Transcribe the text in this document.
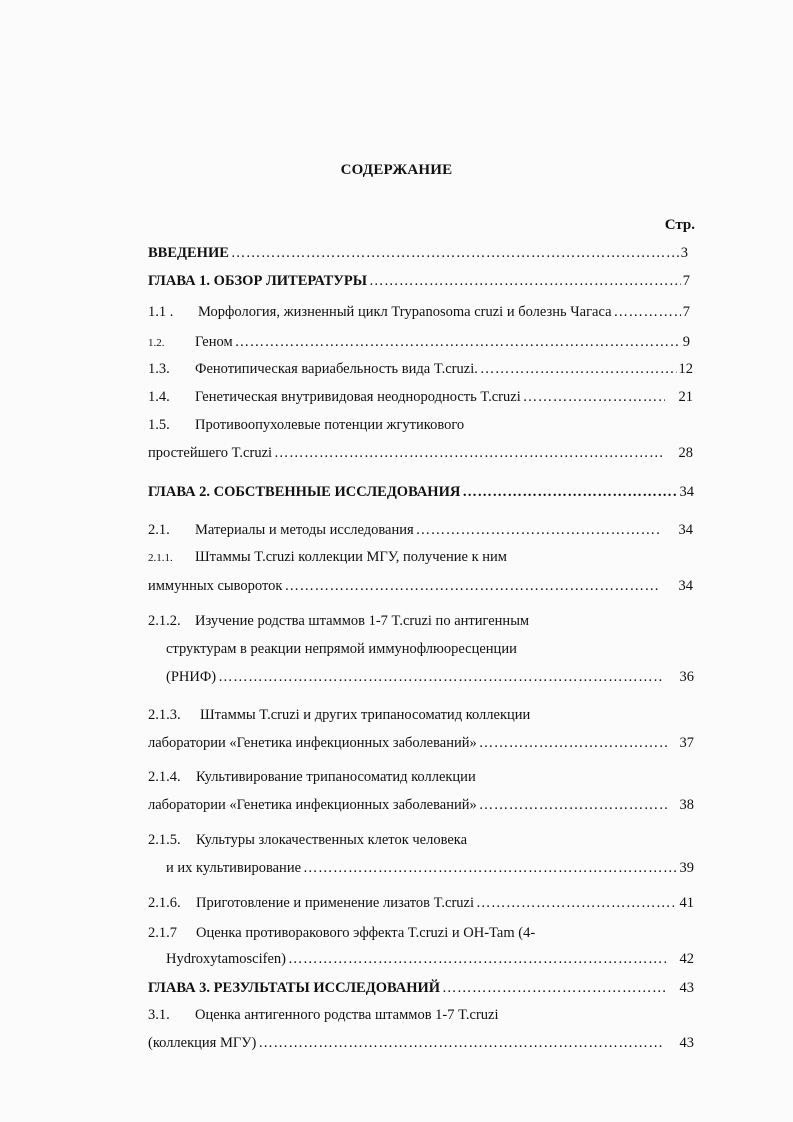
СОДЕРЖАНИЕ
Стр.
ВВЕДЕНИЕ …………………………………………………………………………………………………………………………………………………………………………………………	3
ГЛАВА 1. ОБЗОР ЛИТЕРАТУРЫ …………………………………………………………………………………………………………………………………………………………………………………………	7
1.1 .	Морфология, жизненный цикл Trypanosoma cruzi и болезнь Чагаса …………………………………………………………………………………………………………………………………………………………………………………………	7
1.2.	Геном …………………………………………………………………………………………………………………………………………………………………………………………	9
1.3.	Фенотипическая вариабельность вида T.cruzi. …………………………………………………………………………………………………………………………………………………………………………………………	12
1.4.	Генетическая внутривидовая неоднородность T.cruzi …………………………………………………………………………………………………………………………………………………………………………………………	21
1.5. Противоопухолевые потенции жгутикового
простейшего T.cruzi …………………………………………………………………………………………………………………………………………………………………………………………	28
ГЛАВА 2. СОБСТВЕННЫЕ ИССЛЕДОВАНИЯ …………………………………………………………………………………………………………………………………………………………………………………………	34
2.1.	Материалы и методы исследования …………………………………………………………………………………………………………………………………………………………………………………………	34
2.1.1. Штаммы T.cruzi коллекции МГУ, получение к ним
иммунных сывороток …………………………………………………………………………………………………………………………………………………………………………………………	34
2.1.2. Изучение родства штаммов 1-7 T.cruzi по антигенным
структурам в реакции непрямой иммунофлюоресценции
(РНИФ) …………………………………………………………………………………………………………………………………………………………………………………………	36
2.1.3. Штаммы T.cruzi и других трипаносоматид коллекции
лаборатории «Генетика инфекционных заболеваний» …………………………………………………………………………………………………………………………………………………………………………………………	37
2.1.4. Культивирование трипаносоматид коллекции
лаборатории «Генетика инфекционных заболеваний» …………………………………………………………………………………………………………………………………………………………………………………………	38
2.1.5. Культуры злокачественных клеток человека
и их культивирование …………………………………………………………………………………………………………………………………………………………………………………………	39
2.1.6.	Приготовление и применение лизатов T.cruzi …………………………………………………………………………………………………………………………………………………………………………………………	41
2.1.7 Оценка противоракового эффекта T.cruzi и OH-Tam (4-
Hydroxytamoscifen) …………………………………………………………………………………………………………………………………………………………………………………………	42
ГЛАВА 3. РЕЗУЛЬТАТЫ ИССЛЕДОВАНИЙ …………………………………………………………………………………………………………………………………………………………………………………………	43
3.1. Оценка антигенного родства штаммов 1-7 T.cruzi
(коллекция МГУ) …………………………………………………………………………………………………………………………………………………………………………………………	43
